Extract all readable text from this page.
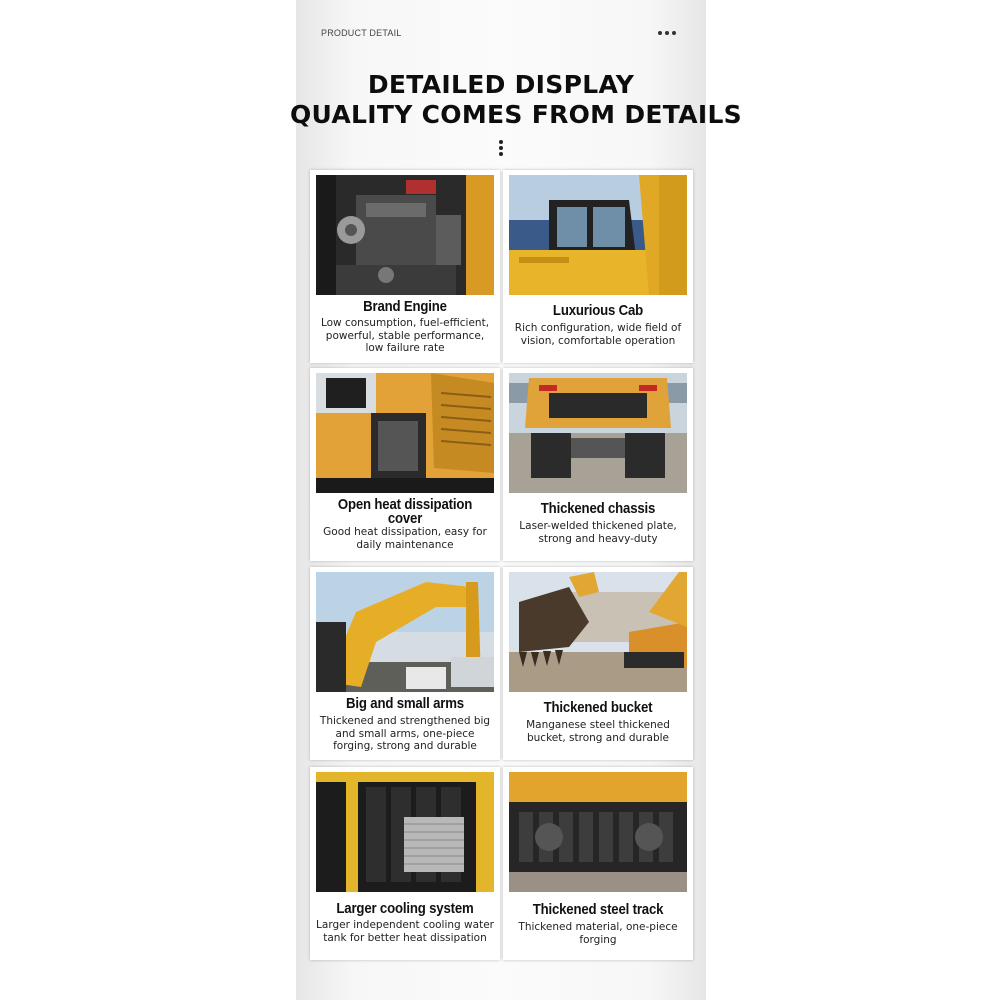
PRODUCT DETAIL
DETAILED DISPLAY
QUALITY COMES FROM DETAILS
Brand Engine
Low consumption, fuel-efficient, powerful, stable performance, low failure rate
Luxurious Cab
Rich configuration, wide field of vision, comfortable operation
Open heat dissipation cover
Good heat dissipation, easy for daily maintenance
Thickened chassis
Laser-welded thickened plate, strong and heavy-duty
Big and small arms
Thickened and strengthened big and small arms, one-piece forging, strong and durable
Thickened bucket
Manganese steel thickened bucket, strong and durable
Larger cooling system
Larger independent cooling water tank for better heat dissipation
Thickened steel track
Thickened material, one-piece forging
